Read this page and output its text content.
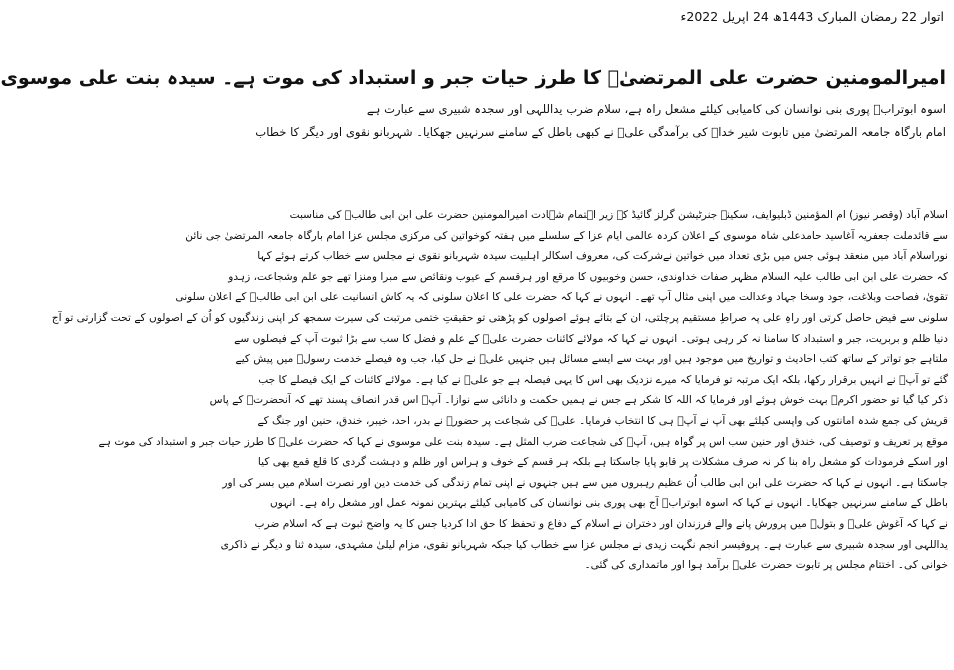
اتوار 22 رمضان المبارک 1443ھ 24 اپریل 2022ء
امیرالمومنین حضرت علی المرتضیٰؓ کا طرز حیات جبر و استبداد کی موت ہے۔ سیدہ بنت علی موسوی
اسوہ ابوترابؓ پوری بنی نوانسان کی کامیابی کیلئے مشعل راہ ہے، سلام ضرب یداللہی اور سجدہ شبیری سے عبارت ہے
امام بارگاہ جامعہ المرتضیٰ میں تابوت شیر خداؓ کی برآمدگی علیؓ نے کبھی باطل کے سامنے سرنہیں جھکایا۔ شہربانو نقوی اور دیگر کا خطاب
اسلام آباد (وقصر نیوز) ام المؤمنین ڈبلیوایف، سکینہ جنرٹیشن گرلز گائیڈ کے زیر اہتمام شہادت امیرالمومنین حضرت علی ابن ابی طالبؑ کی مناسبت
سے قائدملت جعفریہ آغاسید حامدعلی شاہ موسوی کے اعلان کردہ عالمی ایام عزا کے سلسلے میں ہفتہ کوخواتین کی مرکزی مجلس عزا امام بارگاہ جامعہ المرتضیٰ جی نائن
نوراسلام آباد میں منعقد ہوئی جس میں بڑی تعداد میں خواتین نےشرکت کی، معروف اسکالر اہلبیت سیدہ شہربانو نقوی نے مجلس سے خطاب کرتے ہوئے کہا
کہ حضرت علی ابن ابی طالب علیہ السلام مظہر صفات خداوندی، حسن وخوبیوں کا مرقع اور ہرقسم کے عیوب ونقائص سے مبرا ومنزا تھے جو علم وشجاعت، زہدو
تقویٰ، فصاحت وبلاغت، جود وسخا جہاد وعدالت میں اپنی مثال آپ تھے۔ انہوں نے کہا کہ حضرت علی کا اعلان سلونی کہ یہ کاش انسانیت علی ابن ابی طالبؑ کے اعلان سلونی
سلونی سے فیض حاصل کرتی اور راہِ علی پہ صراطِ مستقیم پرچلتی، ان کے بتائے ہوئے اصولوں کو پڑھتی تو حقیقتِ ختمی مرتبت کی سیرت سمجھ کر اپنی زندگیوں کو اُن کے اصولوں کے تحت گزارتی تو آج
دنیا ظلم و بربریت، جبر و استبداد کا سامنا نہ کر رہی ہوتی۔ انہوں نے کہا کہ مولائے کائنات حضرت علیؑ کے علم و فضل کا سب سے بڑا ثبوت آپ کے فیصلوں سے
ملتاہے جو تواتر کے ساتھ کتب احادیث و تواریخ میں موجود ہیں اور بہت سے ایسے مسائل ہیں جنہیں علیؑ نے حل کیا، جب وہ فیصلے خدمت رسولؐ میں پیش کیے
گئے تو آپؐ نے انہیں برقرار رکھا، بلکہ ایک مرتبہ تو فرمایا کہ میرے نزدیک بھی اس کا یہی فیصلہ ہے جو علیؑ نے کیا ہے۔ مولائے کائنات کے ایک فیصلے کا جب
ذکر کیا گیا تو حضور اکرمؐ بہت خوش ہوئے اور فرمایا کہ اللہ کا شکر ہے جس نے ہمیں حکمت و دانائی سے نوازا۔ آپؑ اس قدر انصاف پسند تھے کہ آنحضرتؐ کے پاس
قریش کی جمع شدہ امانتوں کی واپسی کیلئے بھی آپ نے آپؑ ہی کا انتخاب فرمایا۔ علیؑ کی شجاعت پر حضورؐ نے بدر، احد، خیبر، خندق، حنین اور جنگ کے
موقع پر تعریف و توصیف کی، خندق اور حنین سب اس پر گواہ ہیں، آپؑ کی شجاعت ضرب المثل ہے۔ سیدہ بنت علی موسوی نے کہا کہ حضرت علیؑ کا طرز حیات جبر و استبداد کی موت ہے
اور اسکے فرمودات کو مشعل راہ بنا کر نہ صرف مشکلات پر قابو پایا جاسکتا ہے بلکہ ہر قسم کے خوف و ہراس اور ظلم و دہشت گردی کا قلع قمع بھی کیا
جاسکتا ہے۔ انہوں نے کہا کہ حضرت علی ابن ابی طالب اُن عظیم رہبروں میں سے ہیں جنہوں نے اپنی تمام زندگی کی خدمت دین اور نصرت اسلام میں بسر کی اور
باطل کے سامنے سرنہیں جھکایا۔ انہوں نے کہا کہ اسوہ ابوترابؓ آج بھی پوری بنی نوانسان کی کامیابی کیلئے بہترین نمونہ عمل اور مشعل راہ ہے۔ انہوں
نے کہا کہ آغوش علیؑ و بتولؑ میں پرورش پانے والے فرزندان اور دختران نے اسلام کے دفاع و تحفظ کا حق ادا کردیا جس کا یہ واضح ثبوت ہے کہ اسلام ضرب
یداللہی اور سجدہ شبیری سے عبارت ہے۔ پروفیسر انجم نگہت زیدی نے مجلس عزا سے خطاب کیا جبکہ شہربانو نقوی، مزام لیلیٰ مشہدی، سیدہ ثنا و دیگر نے ذاکری
خوانی کی۔ اختتام مجلس پر تابوت حضرت علیؑ برآمد ہوا اور ماتمداری کی گئی۔
